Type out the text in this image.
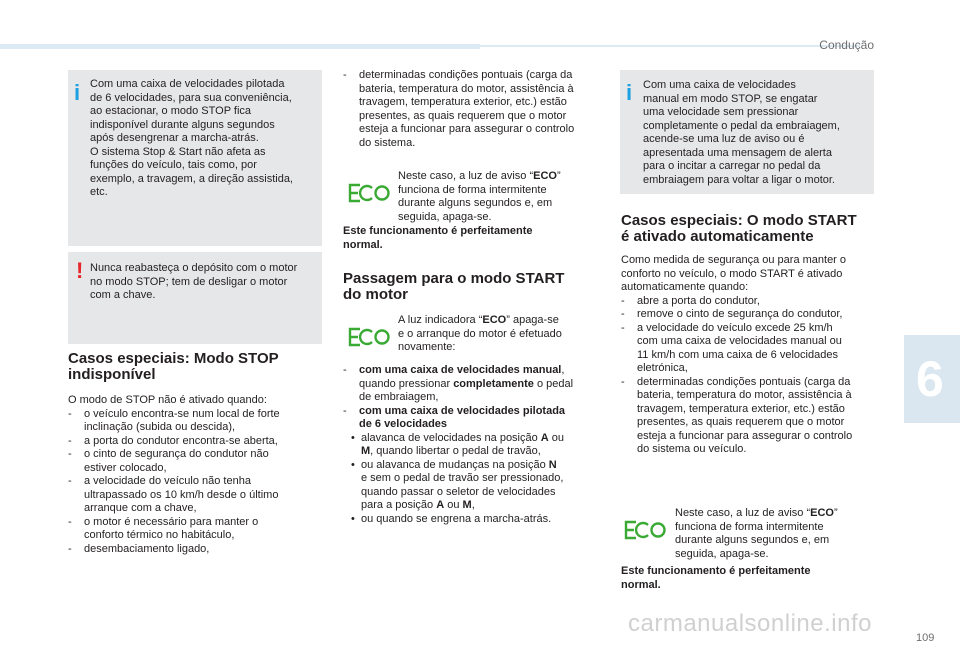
Condução
6
109
carmanualsonline.info
i Com uma caixa de velocidades pilotada

de 6 velocidades, para sua conveniência,

ao estacionar, o modo STOP fica

indisponível durante alguns segundos

após desengrenar a marcha-atrás.

O sistema Stop & Start não afeta as

funções do veículo, tais como, por

exemplo, a travagem, a direção assistida,

etc.

! Nunca reabasteça o depósito com o motor

no modo STOP; tem de desligar o motor

com a chave.

Casos especiais: Modo STOP

indisponível

O modo de STOP não é ativado quando:

-	o veículo encontra-se num local de forte

inclinação (subida ou descida),

-	a porta do condutor encontra-se aberta,

-	o cinto de segurança do condutor não

estiver colocado,

-	a velocidade do veículo não tenha

ultrapassado os 10 km/h desde o último

arranque com a chave,

-	o motor é necessário para manter o

conforto térmico no habitáculo,

-	desembaciamento ligado,

-	determinadas condições pontuais (carga da

bateria, temperatura do motor, assistência à

travagem, temperatura exterior, etc.) estão

presentes, as quais requerem que o motor

esteja a funcionar para assegurar o controlo

do sistema.

Neste caso, a luz de aviso “ECO”

funciona de forma intermitente

durante alguns segundos e, em

seguida, apaga-se.

Este funcionamento é perfeitamente

normal.

Passagem para o modo START

do motor

A luz indicadora “ECO” apaga-se

e o arranque do motor é efetuado

novamente:

-	com uma caixa de velocidades manual,

quando pressionar completamente o pedal

de embraiagem,

-	com uma caixa de velocidades pilotada

de 6 velocidades

• alavanca de velocidades na posição A ou

M, quando libertar o pedal de travão,

• ou alavanca de mudanças na posição N

e sem o pedal de travão ser pressionado,

quando passar o seletor de velocidades

para a posição A ou M,

• ou quando se engrena a marcha-atrás.

i Com uma caixa de velocidades

manual em modo STOP, se engatar

uma velocidade sem pressionar

completamente o pedal da embraiagem,

acende-se uma luz de aviso ou é

apresentada uma mensagem de alerta

para o incitar a carregar no pedal da

embraiagem para voltar a ligar o motor.

Casos especiais: O modo START

é ativado automaticamente

Como medida de segurança ou para manter o

conforto no veículo, o modo START é ativado

automaticamente quando:

-	abre a porta do condutor,

-	remove o cinto de segurança do condutor,

-	a velocidade do veículo excede 25 km/h

com uma caixa de velocidades manual ou

11 km/h com uma caixa de 6 velocidades

eletrónica,

-	determinadas condições pontuais (carga da

bateria, temperatura do motor, assistência à

travagem, temperatura exterior, etc.) estão

presentes, as quais requerem que o motor

esteja a funcionar para assegurar o controlo

do sistema ou veículo.

Neste caso, a luz de aviso “ECO”

funciona de forma intermitente

durante alguns segundos e, em

seguida, apaga-se.

Este funcionamento é perfeitamente

normal.
